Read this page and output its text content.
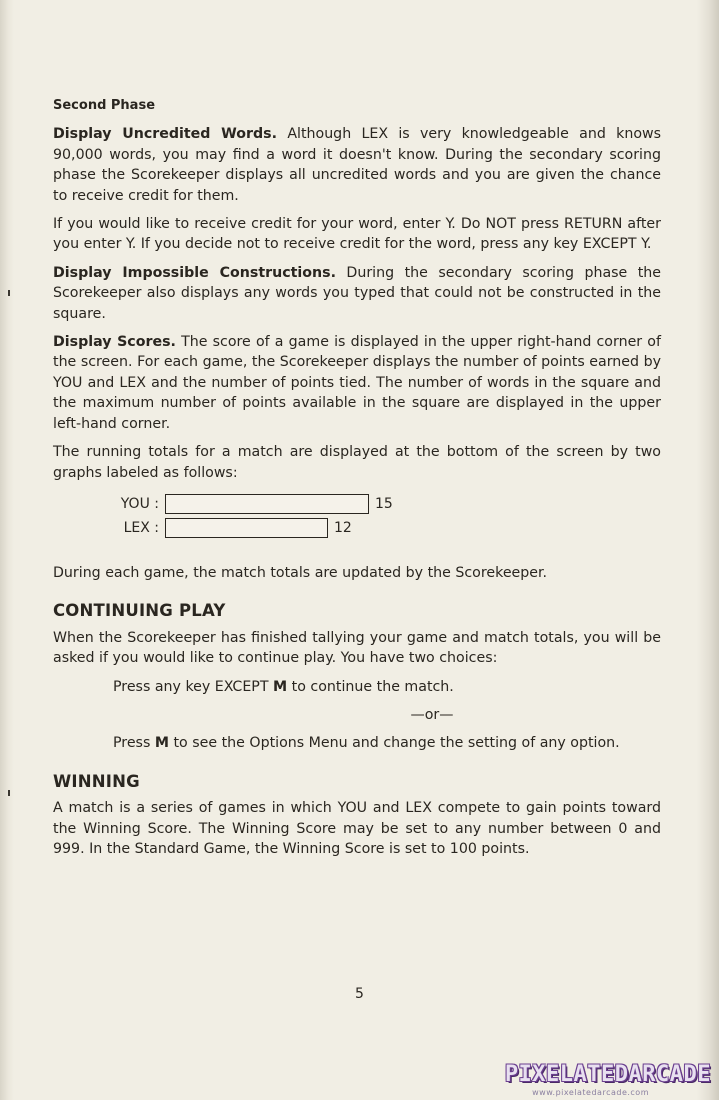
Second Phase

Display Uncredited Words. Although LEX is very knowledgeable and knows 90,000 words, you may find a word it doesn't know. During the secondary scoring phase the Scorekeeper displays all uncredited words and you are given the chance to receive credit for them.

If you would like to receive credit for your word, enter Y. Do NOT press RETURN after you enter Y. If you decide not to receive credit for the word, press any key EXCEPT Y.

Display Impossible Constructions. During the secondary scoring phase the Scorekeeper also displays any words you typed that could not be constructed in the square.

Display Scores. The score of a game is displayed in the upper right-hand corner of the screen. For each game, the Scorekeeper displays the number of points earned by YOU and LEX and the number of points tied. The number of words in the square and the maximum number of points available in the square are displayed in the upper left-hand corner.

The running totals for a match are displayed at the bottom of the screen by two graphs labeled as follows:

YOU :	15
LEX :	12

During each game, the match totals are updated by the Scorekeeper.

CONTINUING PLAY

When the Scorekeeper has finished tallying your game and match totals, you will be asked if you would like to continue play. You have two choices:

Press any key EXCEPT M to continue the match.

—or—

Press M to see the Options Menu and change the setting of any option.

WINNING

A match is a series of games in which YOU and LEX compete to gain points toward the Winning Score. The Winning Score may be set to any number between 0 and 999. In the Standard Game, the Winning Score is set to 100 points.

5
PIXELATEDARCADE
www.pixelatedarcade.com
